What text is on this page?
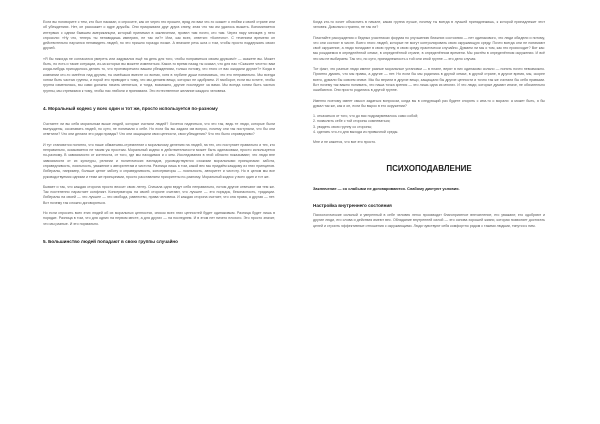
Если вы поговорите с тем, кто был наказан, и спросите, как он через это прошел, вряд ли вам что-то скажет о любви к своей стране или об убеждениях. Нет, он расскажет о ядре дружбы. Они прикрывали друг друга спину, зная что так им удалось выжить. Вспоминается интервью с одним бывшим американцем, который принимал в заключении, провел там почти, кто там. Через пару месяцев у него спросили: «Ну что, теперь ты ненавидишь империю, не так ли?» Или, как всех, ответил: «Конечно». С течением времени он действительно научился ненавидеть людей, но это пришло гораздо позже. А вначале речь шла о том, чтобы просто поддержать своих друзей.

«Я бы никогда не согласился умереть или задумался ещё на день для того, чтобы понравиться своим друзьям!» — скажете вы. Может быть, но есть и такие ситуации, из-за которых вы можете измениться. Какое-то время назад ты сказал, что для нас «Скажите честно: вам когда-нибудь приходилось делать то, что противоречило вашим убеждениям, только потому, что этого от вас ожидали другие?» Когда в компании кто-то смеётся над другим, ты смеёшься вместе со всеми, хотя в глубине души понимаешь, что это неправильно. Мы всегда хотим быть частью группы, и порой это приводит к тому, что мы делаем вещи, которых не одобряем. И наоборот, если вы хотите, чтобы группа изменилась, вы сами должны начать меняться, и тогда, возможно, другие последуют за вами. Мы всегда хотим быть частью группы, мы стремимся к тому, чтобы нас любили и принимали. Это естественное желание каждого человека.

4. Моральный кодекс у всех один и тот же, просто используется по-разному

Считаете ли вы себя моральным выше людей, которые считали людей? Хочется надеяться, что это так, ведь те люди, которые были вынуждены, осознавать людей, по сути, не понимали о себе. Но если бы вы задали им вопрос, почему они так поступали, что бы они ответили? Что они делали это ради правды? Что они защищали свои ценности, свои убеждения? Что это было справедливо?

И тут становится понятно, что наше обманчиво-стремление к моральному делению на людей, на тех, кто поступает правильно и тех, кто неправильно, оказывается не таким уж простым. Моральный кодекс в действительности может быть одинаковым, просто используется по-разному. В зависимости от контекста, от того, где мы находимся и с кем. Исследования в этой области показывают, что люди вне зависимости от их культуры, религии и политических взглядов, руководствуются схожими моральными принципами: забота, справедливость, лояльность, уважение к авторитетам и чистота. Разница лишь в том, какой вес мы придаём каждому из этих принципов. Либералы, например, больше ценят заботу и справедливость, консерваторы — лояльность, авторитет и чистоту. Но в целом мы все руководствуемся одними и теми же принципами, просто расставляем приоритеты по-разному. Моральный кодекс у всех один и тот же.

Бывает и так, что каждая сторона просто вносит свою лепту. Сначала одни ведут себя неправильно, потом другие отвечают им тем же. Так постепенно нарастает конфликт. Консерваторы на своей стороне считают, что лучшее — это порядок, безопасность, традиции. Либералы на своей — что лучшее — это свобода, равенство, права человека. И каждая сторона считает, что она права, а другая — нет. Вот почему так сложно договориться.

Но если спросить всех этих людей об их моральных ценностях, список всех этих ценностей будет одинаковым. Разница будет лишь в порядке. Разница в том, что для одних на первом месте, а для других — на последнем. И в этом нет ничего плохого. Это просто значит, что мы разные. И это нормально.

5. Большинство людей попадают в свою группы случайно

Когда кто-то хочет объяснить в начале, какая группа лучше, почему ты всегда в лучшей принадлежишь, к которой принадлежит этот человек. Довольно странно, не так ли?

Почитайте рассуждения о бедных участниках форума по улучшению ближних состояния — нет одинакового, что люди обидели и потому, что они состоят в числе. Всего этого людей, которые не могут контролировать свою окружающую среду. Почти всегда они не понимают своё окружение, а люди попадают в свою группу, в свою среду практически случайно. Думаем ли мы о том, как это происходит? Вот как: мы рождаемся в определённой семье, в определённой стране, в определённом времени. Мы растём в определённом окружении. И всё это мы не выбираем. Так что, по сути, принадлежность к той или иной группе — это дело случая.

Тот факт, что разные люди имеют разные моральные установки — в плане, верят в них одинаково сильно — понять почти невозможно. Приятно думать, что мы правы, а другие — нет. Но если бы мы родились в другой семье, в другой стране, в другое время, мы, скорее всего, думали бы совсем иначе. Мы бы верили в другие вещи, защищали бы другие ценности и точно так же считали бы себя правыми. Вот почему так важно понимать, что наша точка зрения — это лишь одна из многих. И что люди, которые думают иначе, не обязательно ошибаются. Они просто родились в другой группе.

Именно поэтому имеет смысл задаться вопросом, когда вы в следующий раз будете спорить с кем-то о морали: а может быть, я бы думал так же, как и он, если бы вырос в его окружении?

1. отказаться от того, что до вас подразумевалось само собой;

2. позволить себе с той стороны сомневаться;

3. увидеть свою группу со стороны;

4. сделать что-то для выхода из привычной среды.

Мне и не кажется, что все это просто.

ПСИХОПОДАВЛЕНИЕ

Заключение — со слабыми не договариваются. Слабому диктуют условия.

Настройка внутреннего состояния

Психологические сильный и уверенный в себе человек легко производит благоприятное впечатление, его уважают, его одобряют и другие люди, его слова и действия имеют вес. Обладание внутренней силой — это основа хорошей жизни, которая позволяет достигать целей и строить эффективные отношения с окружающими. Люди чувствуют себя комфортно рядом с такими людьми, тянутся к ним.
